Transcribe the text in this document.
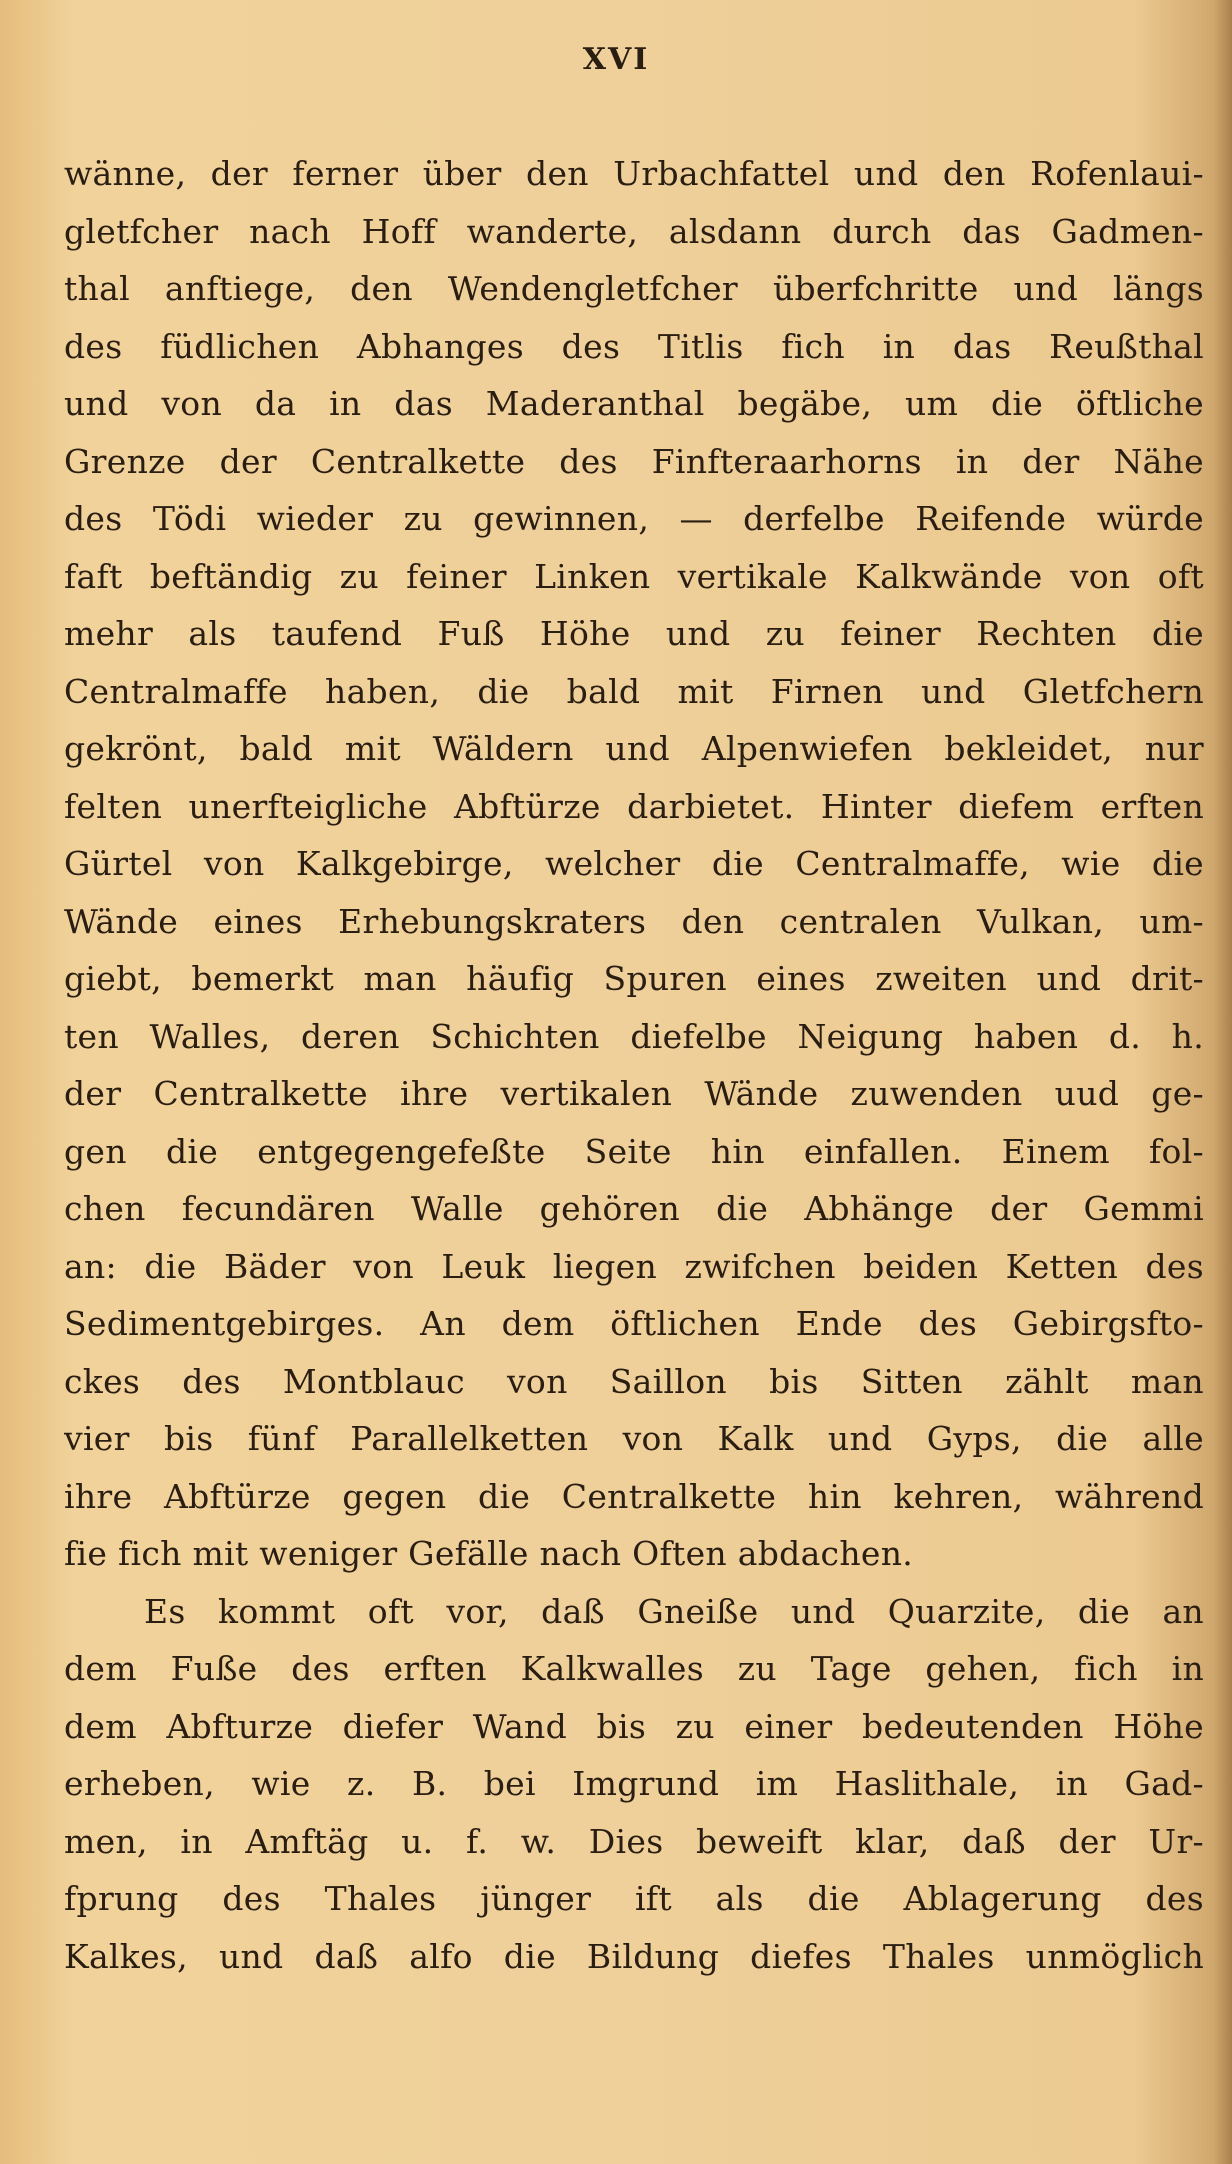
XVI
wänne, der ferner über den Urbachfattel und den Rofenlaui-
gletfcher nach Hoff wanderte, alsdann durch das Gadmen-
thal anftiege, den Wendengletfcher überfchritte und längs
des füdlichen Abhanges des Titlis fich in das Reußthal
und von da in das Maderanthal begäbe, um die öftliche
Grenze der Centralkette des Finfteraarhorns in der Nähe
des Tödi wieder zu gewinnen, — derfelbe Reifende würde
faft beftändig zu feiner Linken vertikale Kalkwände von oft
mehr als taufend Fuß Höhe und zu feiner Rechten die
Centralmaffe haben, die bald mit Firnen und Gletfchern
gekrönt, bald mit Wäldern und Alpenwiefen bekleidet, nur
felten unerfteigliche Abftürze darbietet. Hinter diefem erften
Gürtel von Kalkgebirge, welcher die Centralmaffe, wie die
Wände eines Erhebungskraters den centralen Vulkan, um-
giebt, bemerkt man häufig Spuren eines zweiten und drit-
ten Walles, deren Schichten diefelbe Neigung haben d. h.
der Centralkette ihre vertikalen Wände zuwenden uud ge-
gen die entgegengefeßte Seite hin einfallen. Einem fol-
chen fecundären Walle gehören die Abhänge der Gemmi
an: die Bäder von Leuk liegen zwifchen beiden Ketten des
Sedimentgebirges. An dem öftlichen Ende des Gebirgsfto-
ckes des Montblauc von Saillon bis Sitten zählt man
vier bis fünf Parallelketten von Kalk und Gyps, die alle
ihre Abftürze gegen die Centralkette hin kehren, während
fie fich mit weniger Gefälle nach Often abdachen.
Es kommt oft vor, daß Gneiße und Quarzite, die an
dem Fuße des erften Kalkwalles zu Tage gehen, fich in
dem Abfturze diefer Wand bis zu einer bedeutenden Höhe
erheben, wie z. B. bei Imgrund im Haslithale, in Gad-
men, in Amftäg u. f. w. Dies beweift klar, daß der Ur-
fprung des Thales jünger ift als die Ablagerung des
Kalkes, und daß alfo die Bildung diefes Thales unmöglich
